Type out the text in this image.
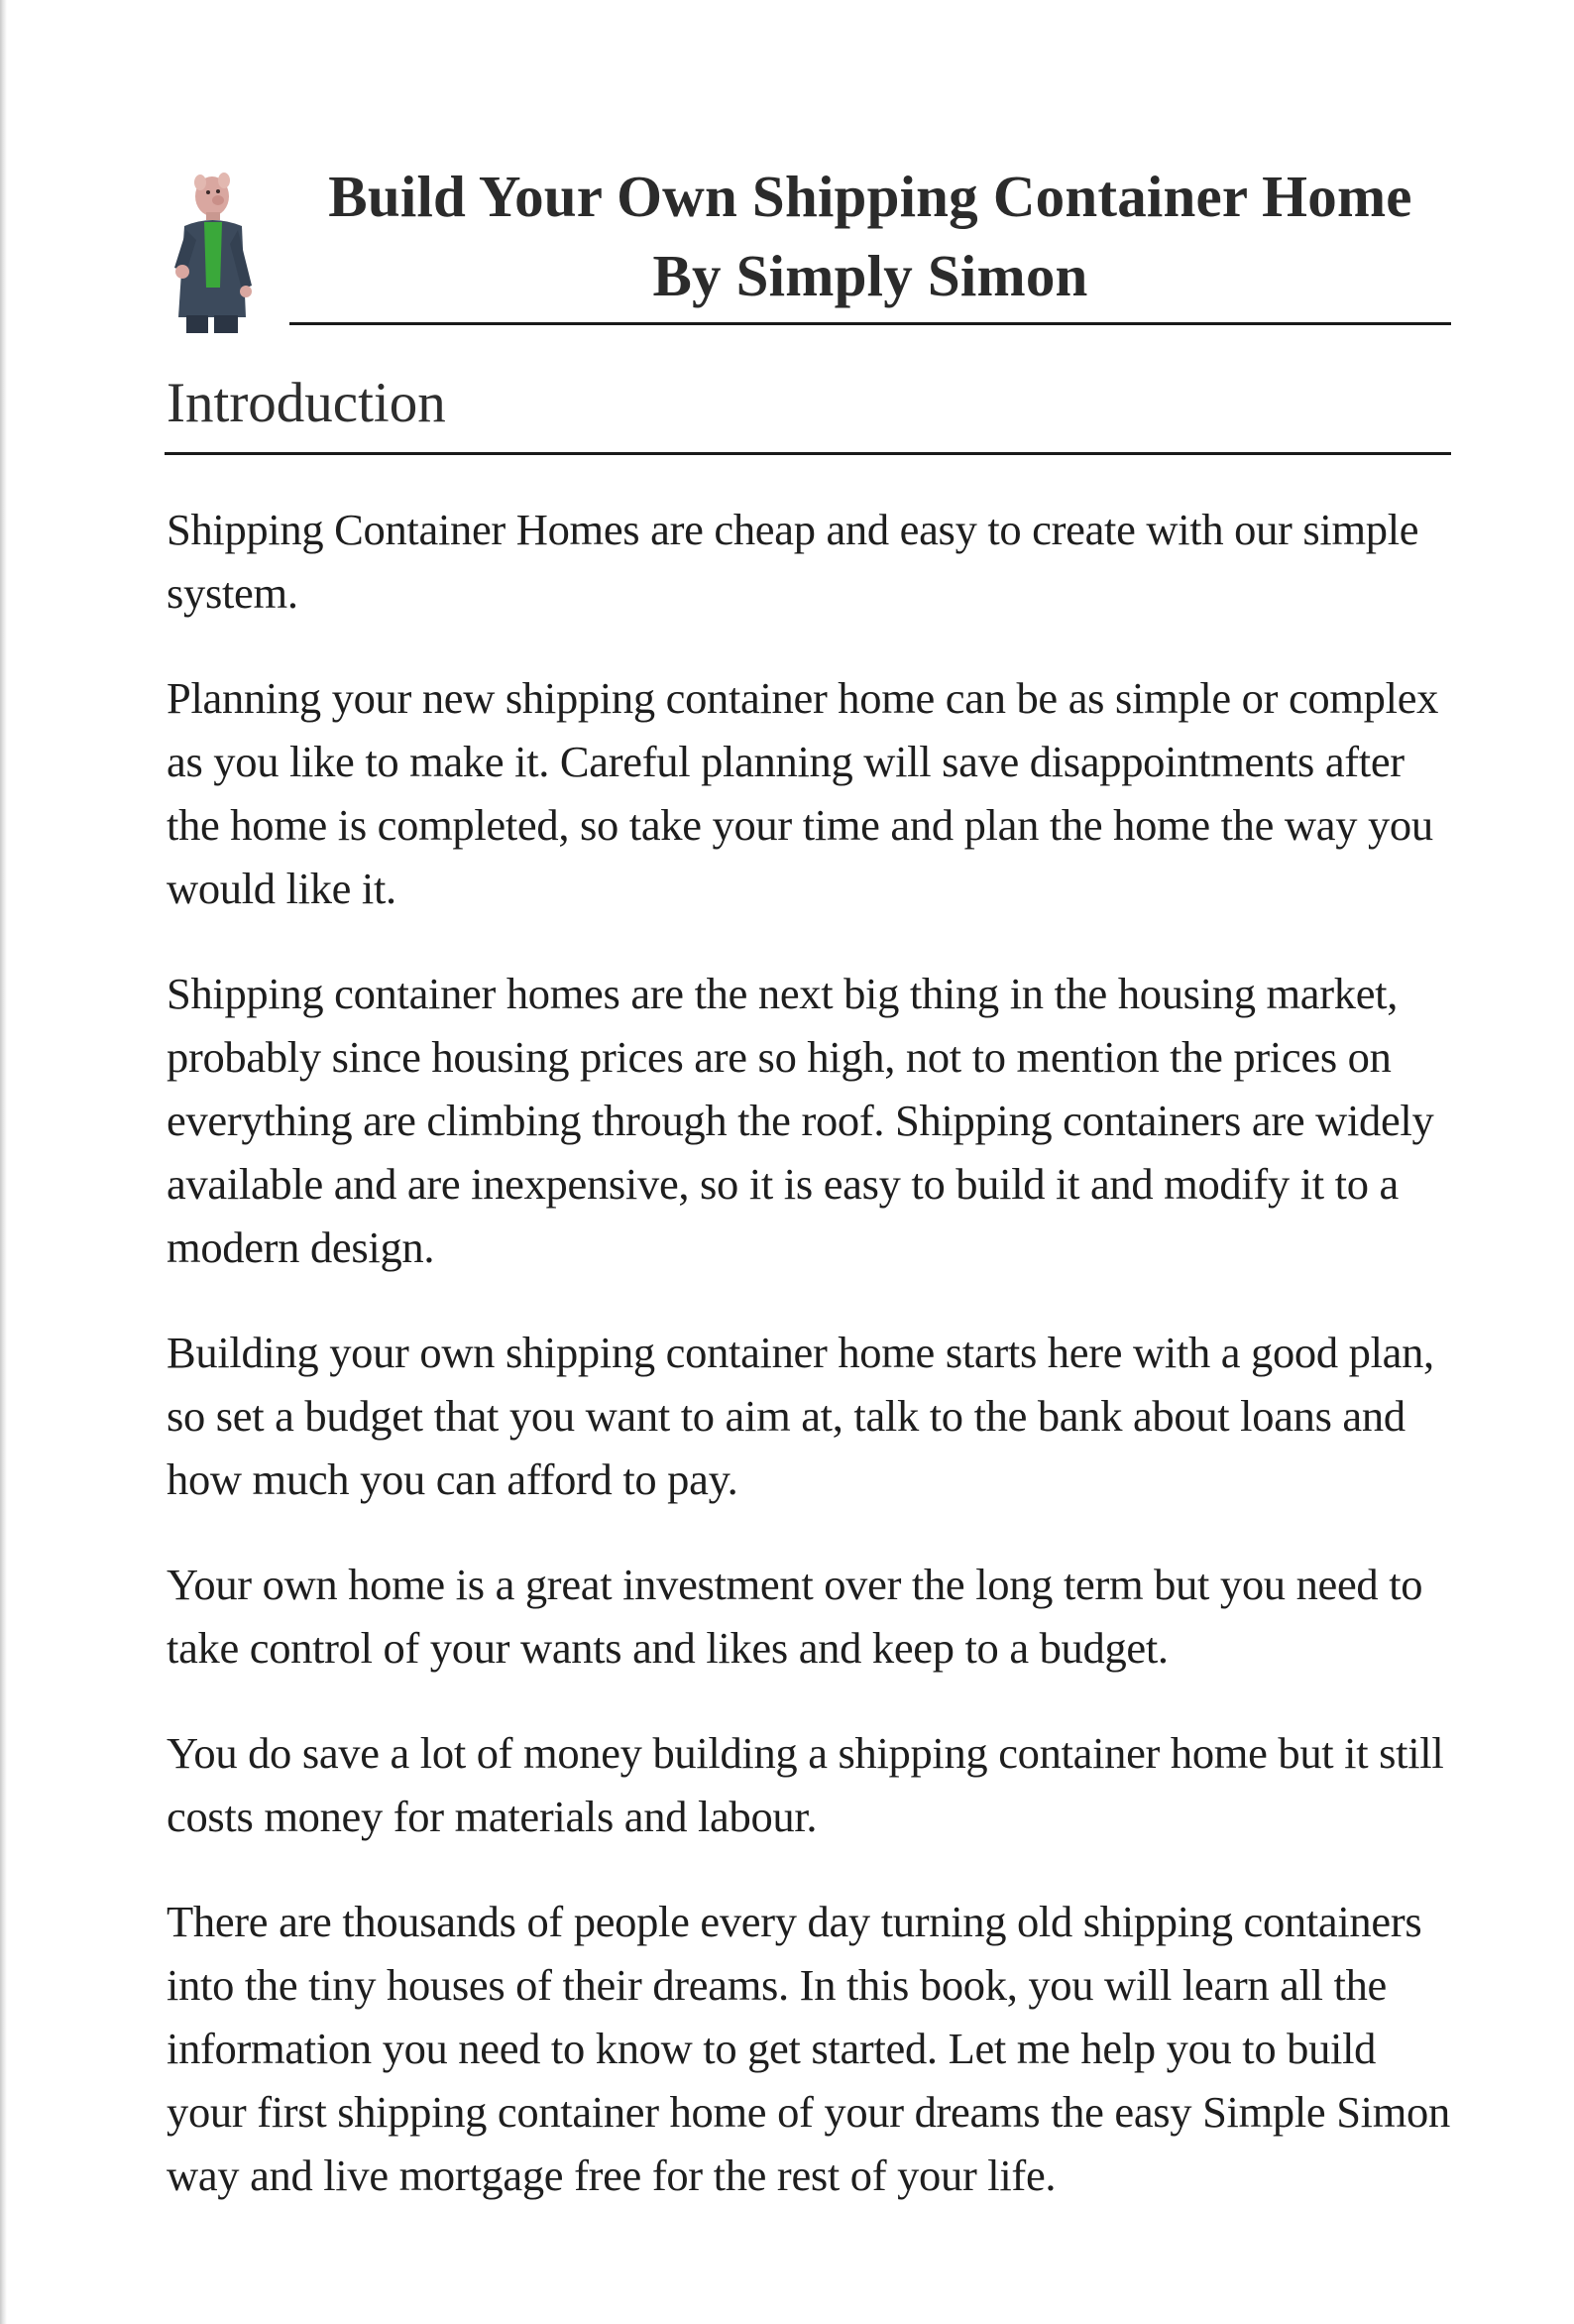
Build Your Own Shipping Container Home
By Simply Simon
Introduction

Shipping Container Homes are cheap and easy to create with our simple system.

Planning your new shipping container home can be as simple or complex as you like to make it. Careful planning will save disappointments after the home is completed, so take your time and plan the home the way you would like it.

Shipping container homes are the next big thing in the housing market, probably since housing prices are so high, not to mention the prices on everything are climbing through the roof. Shipping containers are widely available and are inexpensive, so it is easy to build it and modify it to a modern design.

Building your own shipping container home starts here with a good plan, so set a budget that you want to aim at, talk to the bank about loans and how much you can afford to pay.

Your own home is a great investment over the long term but you need to take control of your wants and likes and keep to a budget.

You do save a lot of money building a shipping container home but it still costs money for materials and labour.

There are thousands of people every day turning old shipping containers into the tiny houses of their dreams. In this book, you will learn all the information you need to know to get started. Let me help you to build your first shipping container home of your dreams the easy Simple Simon way and live mortgage free for the rest of your life.
